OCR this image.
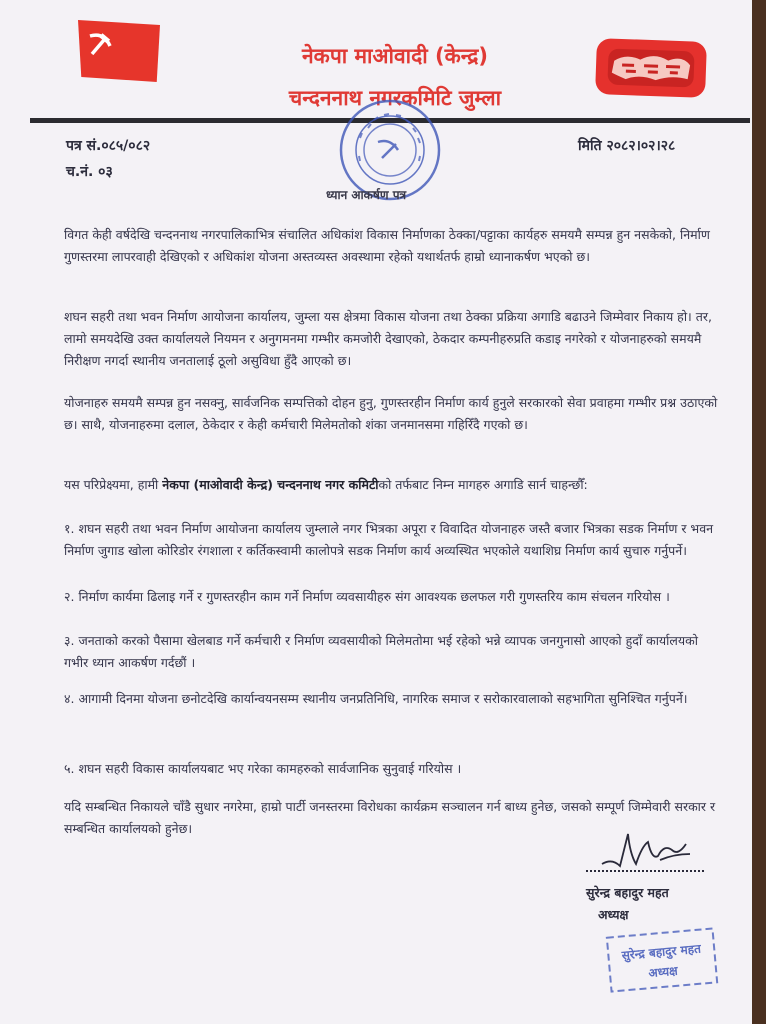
नेकपा माओवादी (केन्द्र)
चन्दननाथ नगरकमिटि जुम्ला
पत्र सं.०८५/०८२
च.नं. ०३
मिति २०८२।०२।२८
ध्यान आकर्षण पत्र
विगत केही वर्षदेखि चन्दननाथ नगरपालिकाभित्र संचालित अधिकांश विकास निर्माणका ठेक्का/पट्टाका कार्यहरु समयमै सम्पन्न हुन नसकेको, निर्माण गुणस्तरमा लापरवाही देखिएको र अधिकांश योजना अस्तव्यस्त अवस्थामा रहेको यथार्थतर्फ हाम्रो ध्यानाकर्षण भएको छ।
शघन सहरी तथा भवन निर्माण आयोजना कार्यालय, जुम्ला यस क्षेत्रमा विकास योजना तथा ठेक्का प्रक्रिया अगाडि बढाउने जिम्मेवार निकाय हो। तर, लामो समयदेखि उक्त कार्यालयले नियमन र अनुगमनमा गम्भीर कमजोरी देखाएको, ठेकदार कम्पनीहरुप्रति कडाइ नगरेको र योजनाहरुको समयमै निरीक्षण नगर्दा स्थानीय जनतालाई ठूलो असुविधा हुँदै आएको छ।
योजनाहरु समयमै सम्पन्न हुन नसक्नु, सार्वजनिक सम्पत्तिको दोहन हुनु, गुणस्तरहीन निर्माण कार्य हुनुले सरकारको सेवा प्रवाहमा गम्भीर प्रश्न उठाएको छ। साथै, योजनाहरुमा दलाल, ठेकेदार र केही कर्मचारी मिलेमतोको शंका जनमानसमा गहिरिँदै गएको छ।
यस परिप्रेक्ष्यमा, हामी नेकपा (माओवादी केन्द्र) चन्दननाथ नगर कमिटीको तर्फबाट निम्न मागहरु अगाडि सार्न चाहन्छौँ:
१. शघन सहरी तथा भवन निर्माण आयोजना कार्यालय जुम्लाले नगर भित्रका अपूरा र विवादित योजनाहरु जस्तै बजार भित्रका सडक निर्माण र भवन निर्माण जुगाड खोला कोरिडोर रंगशाला र कर्तिकस्वामी कालोपत्रे सडक निर्माण कार्य अव्यस्थित भएकोले यथाशिघ्र निर्माण कार्य सुचारु गर्नुपर्ने।
२. निर्माण कार्यमा ढिलाइ गर्ने र गुणस्तरहीन काम गर्ने निर्माण व्यवसायीहरु संग आवश्यक छलफल गरी गुणस्तरिय काम संचलन गरियोस ।
३. जनताको करको पैसामा खेलबाड गर्ने कर्मचारी र निर्माण व्यवसायीको मिलेमतोमा भई रहेको भन्ने व्यापक जनगुनासो आएको हुदाँ कार्यालयको गभीर ध्यान आकर्षण गर्दछौं ।
४. आगामी दिनमा योजना छनोटदेखि कार्यान्वयनसम्म स्थानीय जनप्रतिनिधि, नागरिक समाज र सरोकारवालाको सहभागिता सुनिश्चित गर्नुपर्ने।
५. शघन सहरी विकास कार्यालयबाट भए गरेका कामहरुको सार्वजानिक सुनुवाई गरियोस ।
यदि सम्बन्धित निकायले चाँडै सुधार नगरेमा, हाम्रो पार्टी जनस्तरमा विरोधका कार्यक्रम सञ्चालन गर्न बाध्य हुनेछ, जसको सम्पूर्ण जिम्मेवारी सरकार र सम्बन्धित कार्यालयको हुनेछ।
सुरेन्द्र बहादुर महत
अध्यक्ष
सुरेन्द्र बहादुर महत
अध्यक्ष
